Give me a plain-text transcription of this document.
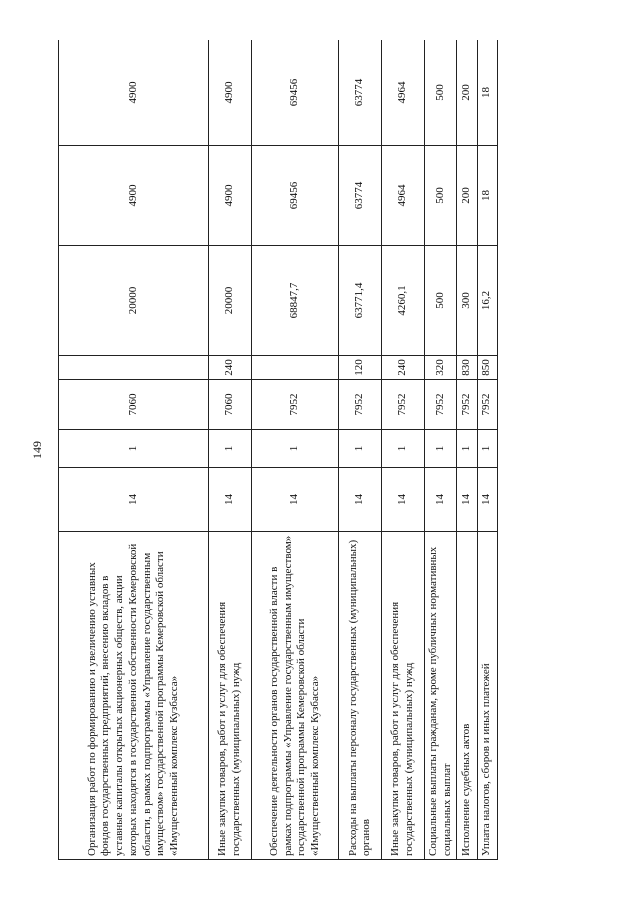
149
Организация работ по формированию и увеличению уставных фондов государственных предприятий, внесению вкладов в уставные капиталы открытых акционерных обществ, акции которых находятся в государственной собственности Кемеровской области, в рамках подпрограммы «Управление государственным имуществом» государственной программы Кемеровской области «Имущественный комплекс Кузбасса»	14	1	7060		20000	4900	4900
Иные закупки товаров, работ и услуг для обеспечения государственных (муниципальных) нужд	14	1	7060	240	20000	4900	4900
Обеспечение деятельности органов государственной власти в рамках подпрограммы «Управление государственным имуществом» государственной программы Кемеровской области «Имущественный комплекс Кузбасса»	14	1	7952		68847,7	69456	69456
Расходы на выплаты персоналу государственных (муниципальных) органов	14	1	7952	120	63771,4	63774	63774
Иные закупки товаров, работ и услуг для обеспечения государственных (муниципальных) нужд	14	1	7952	240	4260,1	4964	4964
Социальные выплаты гражданам, кроме публичных нормативных социальных выплат	14	1	7952	320	500	500	500
Исполнение судебных актов	14	1	7952	830	300	200	200
Уплата налогов, сборов и иных платежей	14	1	7952	850	16,2	18	18
